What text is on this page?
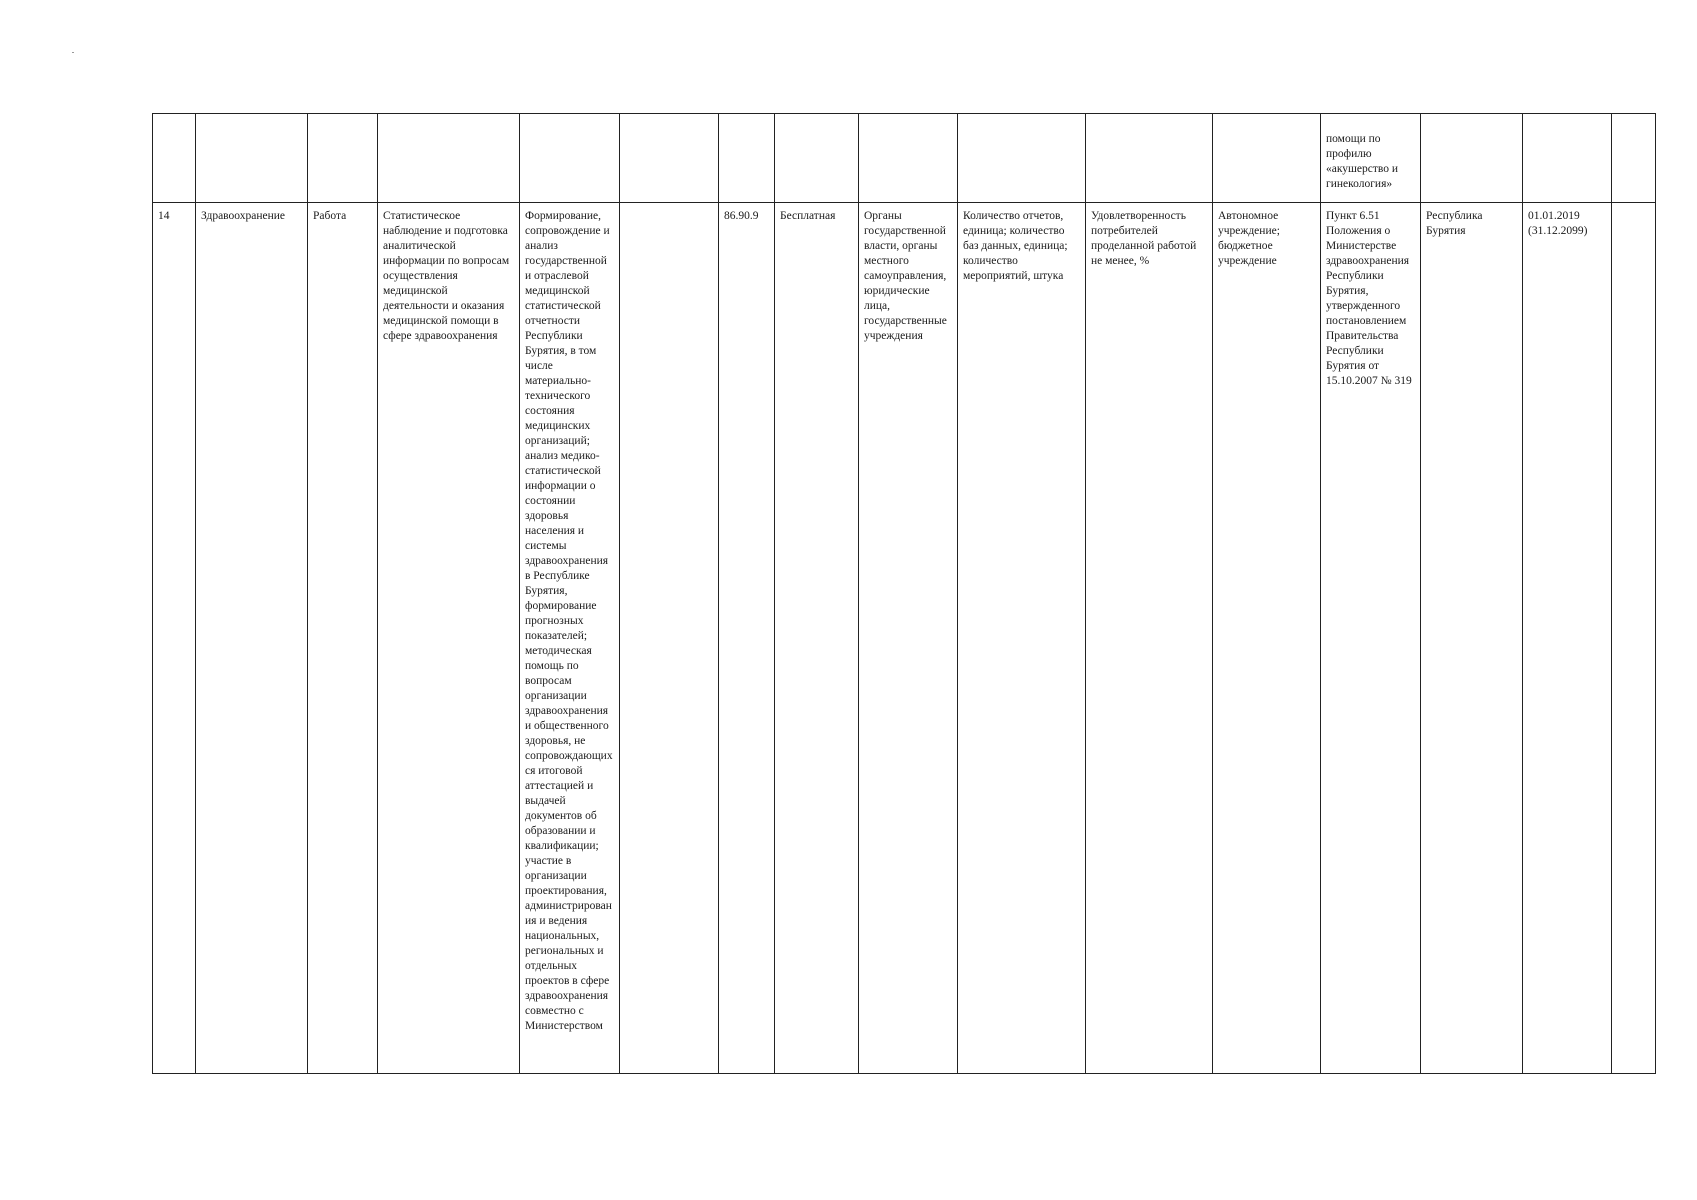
												помощи по профилю «акушерство и гинекология»			
14	Здравоохранение	Работа	Статистическое наблюдение и подготовка аналитической информации по вопросам осуществления медицинской деятельности и оказания медицинской помощи в сфере здравоохранения	Формирование, сопровождение и анализ государственной и отраслевой медицинской статистической отчетности Республики Бурятия, в том числе материально-технического состояния медицинских организаций; анализ медико-статистической информации о состоянии здоровья населения и системы здравоохранения в Республике Бурятия, формирование прогнозных показателей; методическая помощь по вопросам организации здравоохранения и общественного здоровья, не сопровождающихся итоговой аттестацией и выдачей документов об образовании и квалификации; участие в организации проектирования, администрирования и ведения национальных, региональных и отдельных проектов в сфере здравоохранения совместно с Министерством		86.90.9	Бесплатная	Органы государственной власти, органы местного самоуправления, юридические лица, государственные учреждения	Количество отчетов, единица; количество баз данных, единица; количество мероприятий, штука	Удовлетворенность потребителей проделанной работой не менее, %	Автономное учреждение; бюджетное учреждение	Пункт 6.51 Положения о Министерстве здравоохранения Республики Бурятия, утвержденного постановлением Правительства Республики Бурятия от 15.10.2007 № 319	Республика Бурятия	01.01.2019 (31.12.2099)	
